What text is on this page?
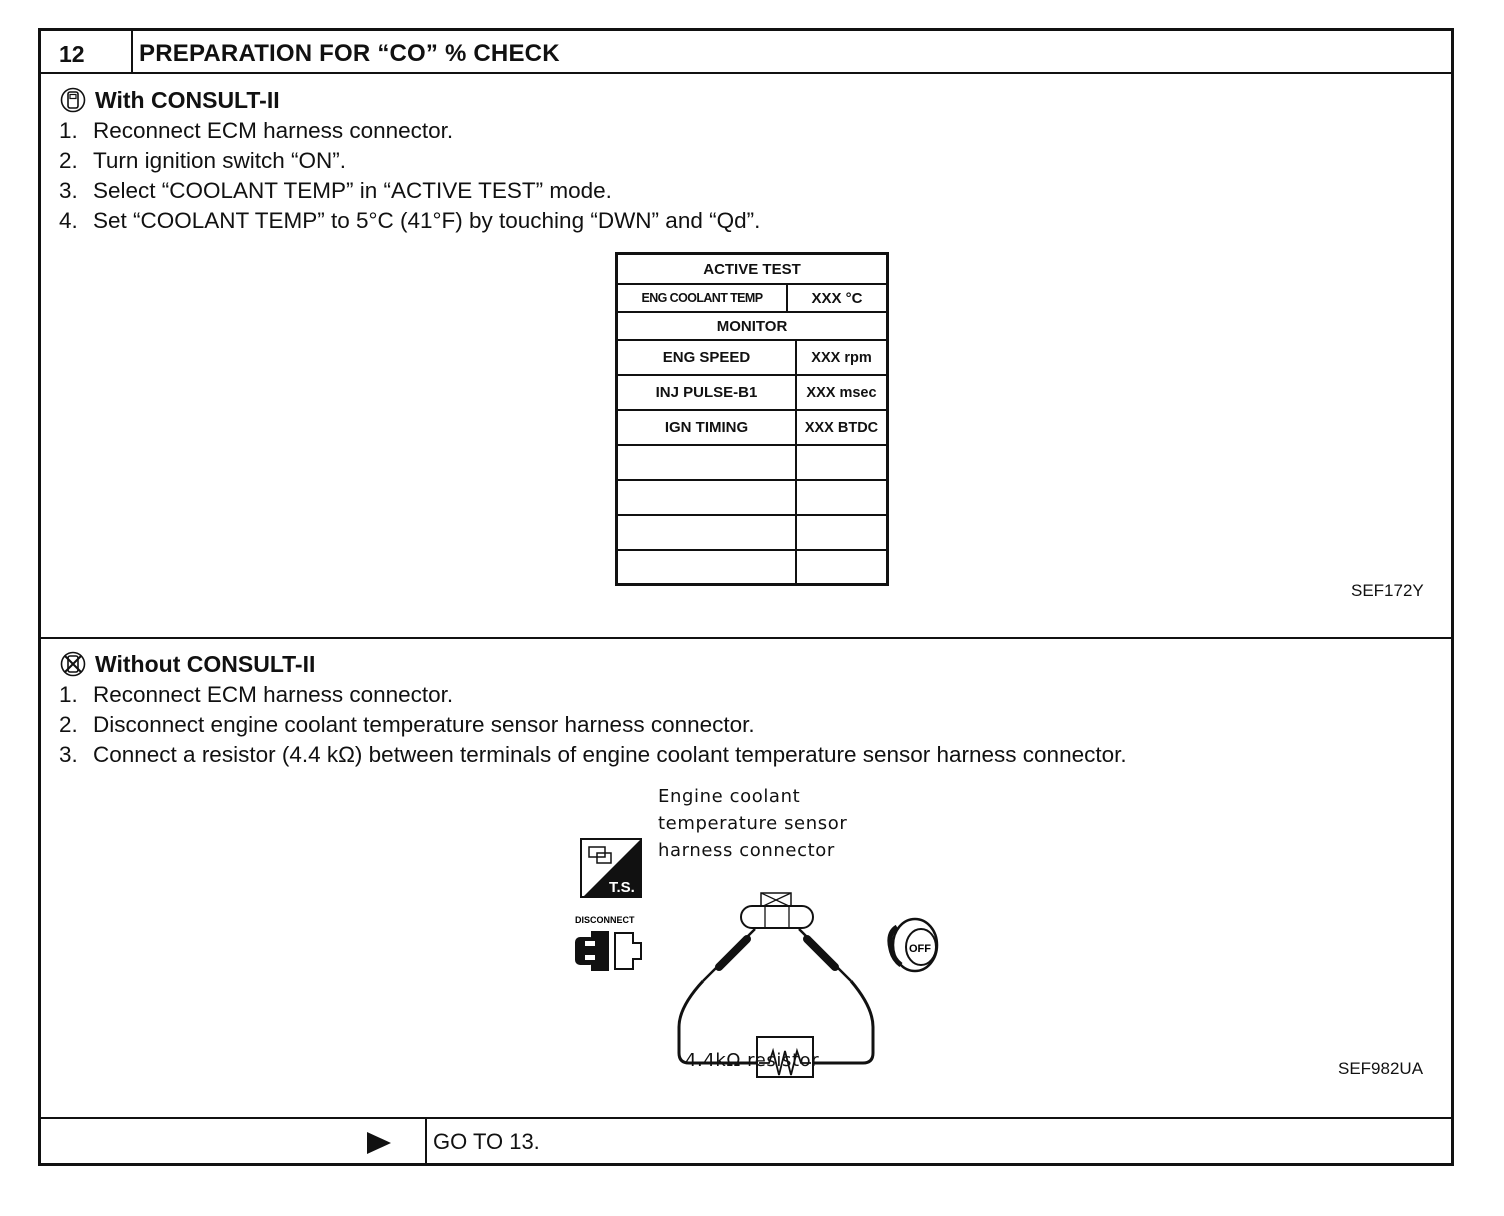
12 PREPARATION FOR “CO” % CHECK
With CONSULT-II
1. Reconnect ECM harness connector.
2. Turn ignition switch “ON”.
3. Select “COOLANT TEMP” in “ACTIVE TEST” mode.
4. Set “COOLANT TEMP” to 5°C (41°F) by touching “DWN” and “Qd”.
ACTIVE TEST
ENG COOLANT TEMP	XXX °C
MONITOR
ENG SPEED	XXX rpm
INJ PULSE-B1	XXX msec
IGN TIMING	XXX BTDC
SEF172Y
Without CONSULT-II
1. Reconnect ECM harness connector.
2. Disconnect engine coolant temperature sensor harness connector.
3. Connect a resistor (4.4 kΩ) between terminals of engine coolant temperature sensor harness connector.
Engine coolant
temperature sensor
harness connector
T.S.
DISCONNECT
OFF
4.4kΩ resistor	SEF982UA
GO TO 13.
